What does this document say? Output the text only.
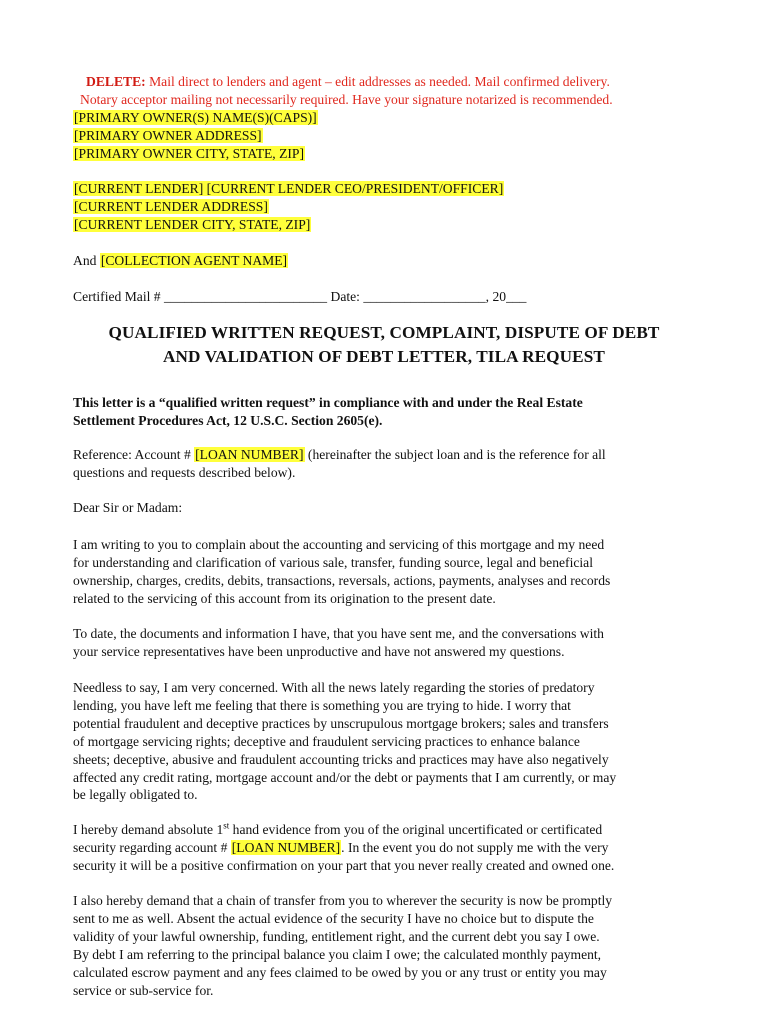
DELETE: Mail direct to lenders and agent – edit addresses as needed. Mail confirmed delivery.
Notary acceptor mailing not necessarily required. Have your signature notarized is recommended.
[PRIMARY OWNER(S) NAME(S)(CAPS)]
[PRIMARY OWNER ADDRESS]
[PRIMARY OWNER CITY, STATE, ZIP]
[CURRENT LENDER] [CURRENT LENDER CEO/PRESIDENT/OFFICER]
[CURRENT LENDER ADDRESS]
[CURRENT LENDER CITY, STATE, ZIP]
And [COLLECTION AGENT NAME]
Certified Mail # ________________________ Date: __________________, 20___
QUALIFIED WRITTEN REQUEST, COMPLAINT, DISPUTE OF DEBT
AND VALIDATION OF DEBT LETTER, TILA REQUEST
This letter is a “qualified written request” in compliance with and under the Real Estate
Settlement Procedures Act, 12 U.S.C. Section 2605(e).
Reference: Account # [LOAN NUMBER] (hereinafter the subject loan and is the reference for all
questions and requests described below).
Dear Sir or Madam:

I am writing to you to complain about the accounting and servicing of this mortgage and my need

for understanding and clarification of various sale, transfer, funding source, legal and beneficial

ownership, charges, credits, debits, transactions, reversals, actions, payments, analyses and records

related to the servicing of this account from its origination to the present date.

To date, the documents and information I have, that you have sent me, and the conversations with

your service representatives have been unproductive and have not answered my questions.

Needless to say, I am very concerned. With all the news lately regarding the stories of predatory

lending, you have left me feeling that there is something you are trying to hide. I worry that

potential fraudulent and deceptive practices by unscrupulous mortgage brokers; sales and transfers

of mortgage servicing rights; deceptive and fraudulent servicing practices to enhance balance

sheets; deceptive, abusive and fraudulent accounting tricks and practices may have also negatively

affected any credit rating, mortgage account and/or the debt or payments that I am currently, or may

be legally obligated to.

I hereby demand absolute 1st hand evidence from you of the original uncertificated or certificated

security regarding account # [LOAN NUMBER]. In the event you do not supply me with the very

security it will be a positive confirmation on your part that you never really created and owned one.

I also hereby demand that a chain of transfer from you to wherever the security is now be promptly

sent to me as well. Absent the actual evidence of the security I have no choice but to dispute the

validity of your lawful ownership, funding, entitlement right, and the current debt you say I owe.

By debt I am referring to the principal balance you claim I owe; the calculated monthly payment,

calculated escrow payment and any fees claimed to be owed by you or any trust or entity you may

service or sub-service for.
